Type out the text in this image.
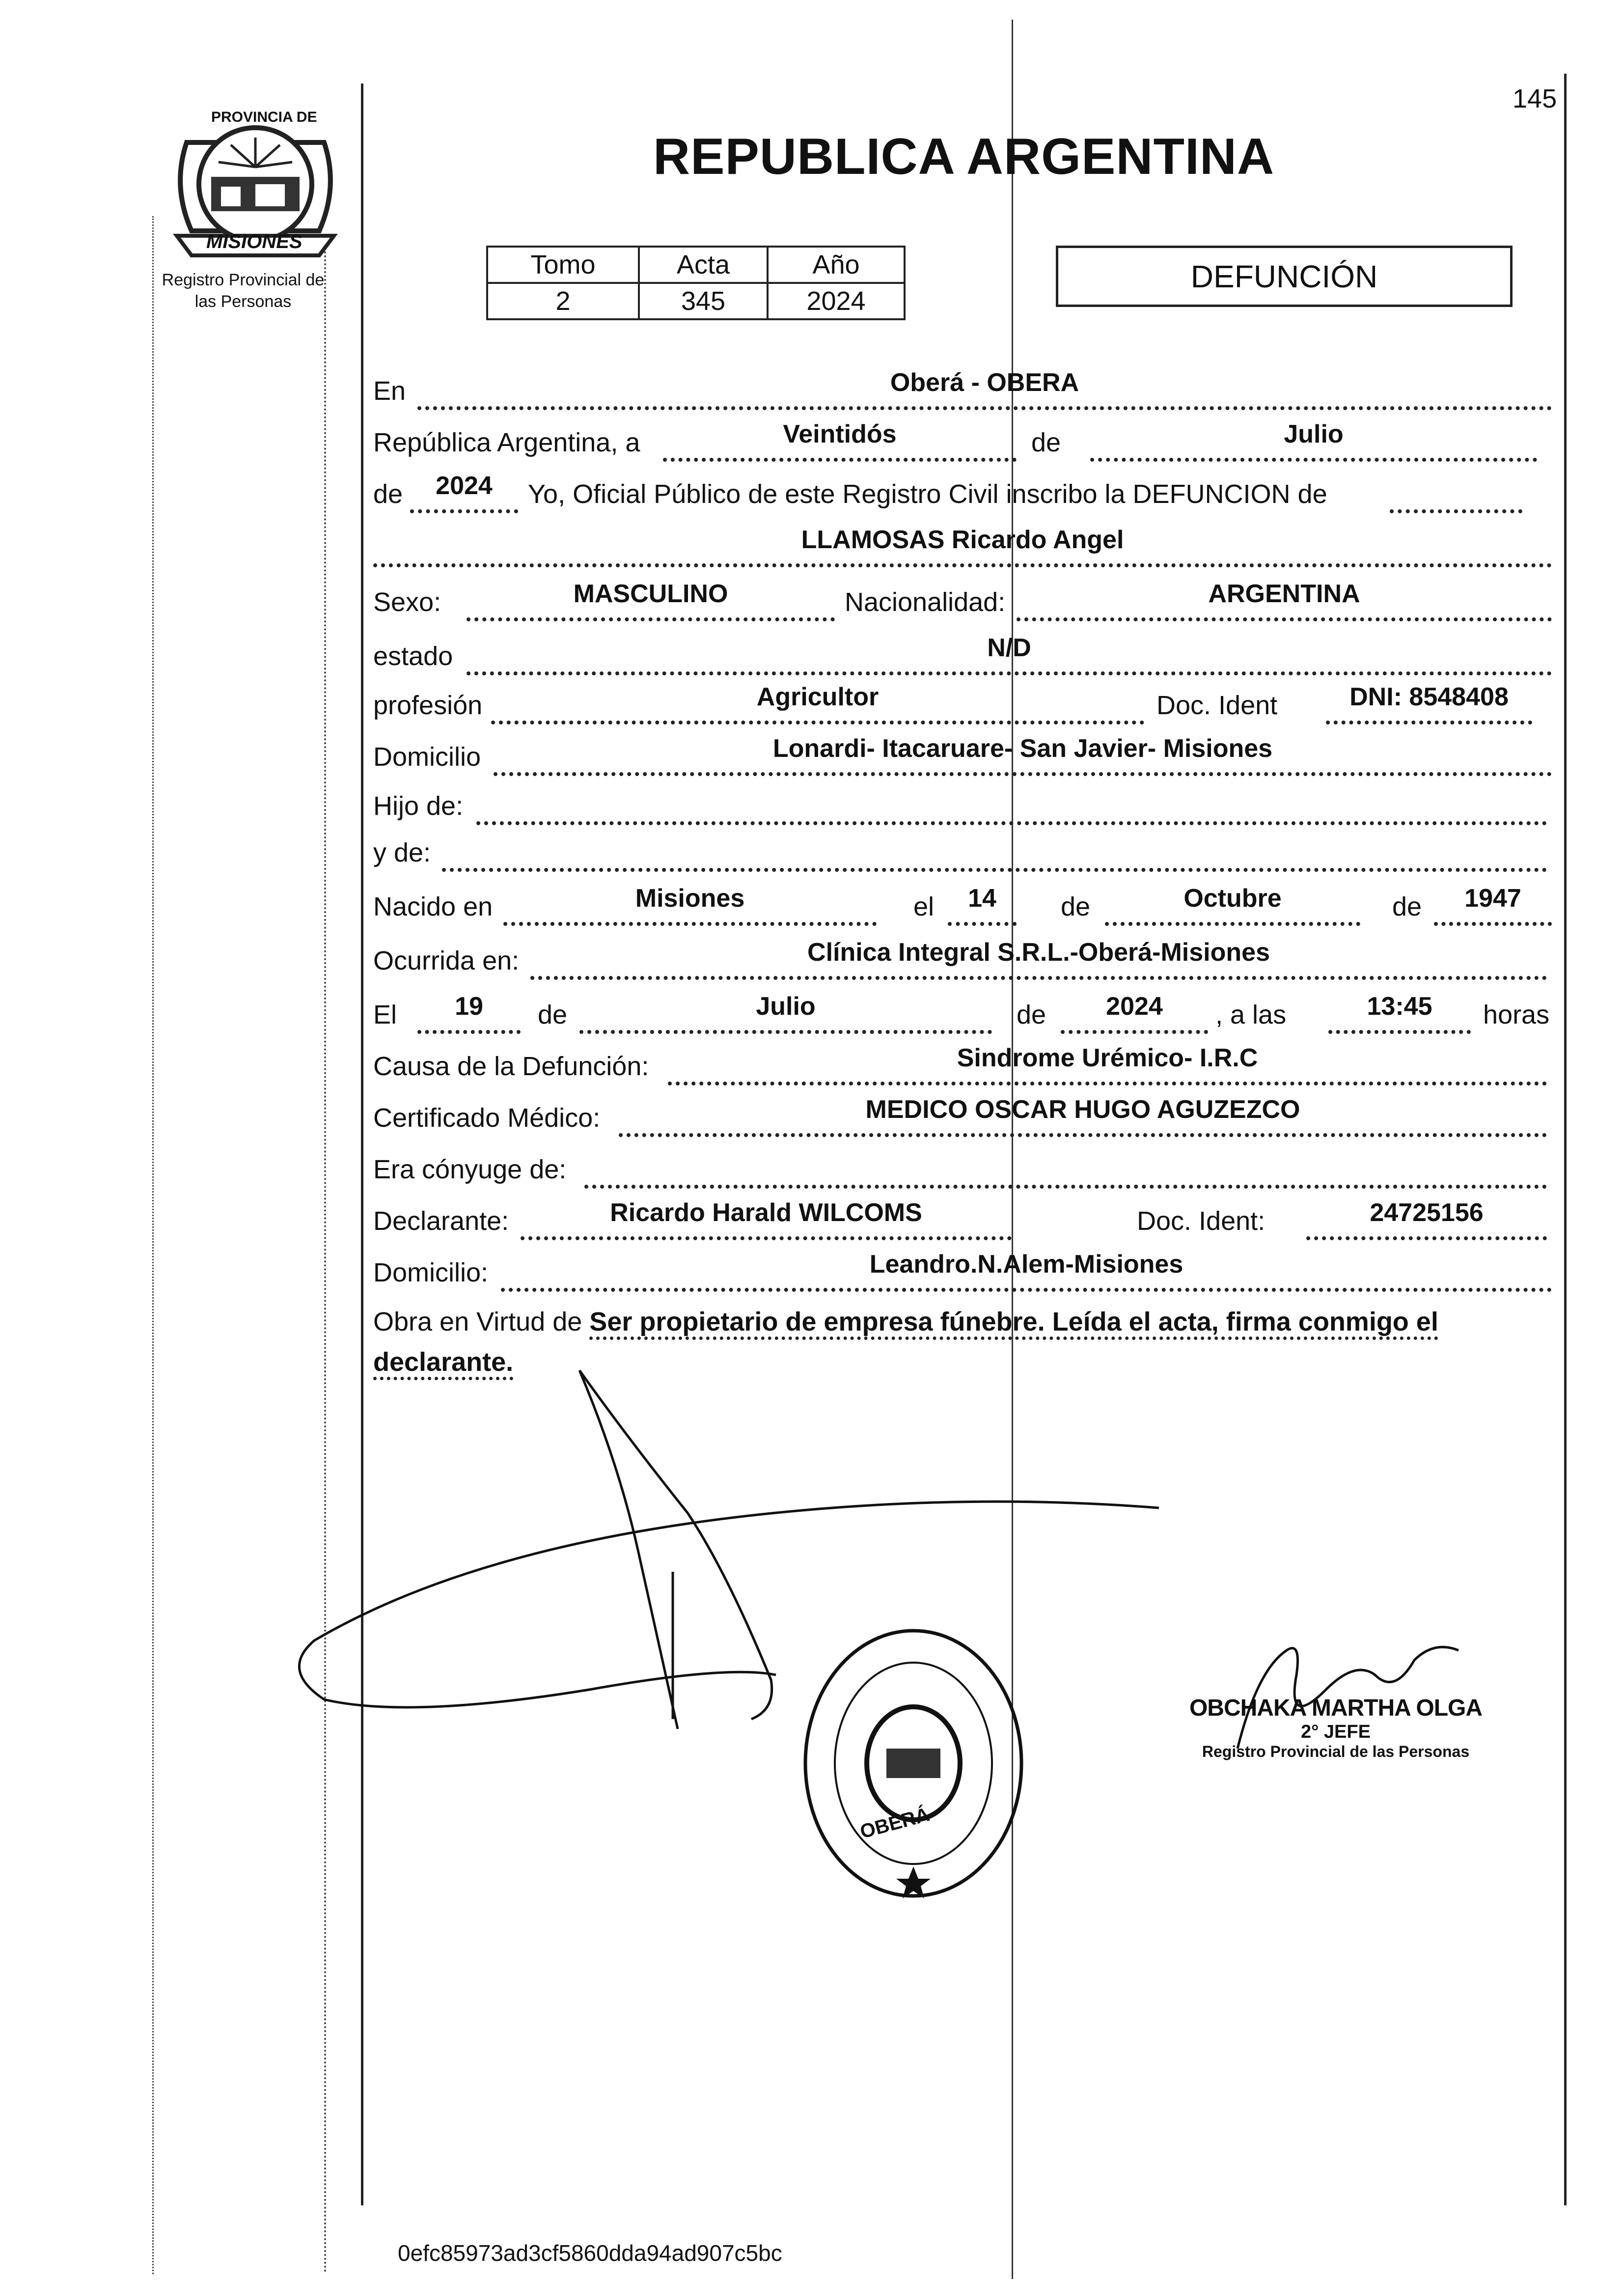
PROVINCIA DE
MISIONES
Registro Provincial de
las Personas
145
REPUBLICA ARGENTINA
Tomo	Acta	Año
2	345	2024
DEFUNCIÓN
En	Oberá - OBERA
República Argentina, a	Veintidós	de	Julio
de	2024	Yo, Oficial Público de este Registro Civil inscribo la DEFUNCION de
LLAMOSAS Ricardo Angel
Sexo:	MASCULINO	Nacionalidad:	ARGENTINA
estado	N/D
profesión	Agricultor	Doc. Ident	DNI: 8548408
Domicilio	Lonardi- Itacaruare- San Javier- Misiones
Hijo de:
y de:
Nacido en	Misiones	el	14	de	Octubre	de	1947
Ocurrida en:	Clínica Integral S.R.L.-Oberá-Misiones
El	19	de	Julio	de	2024	, a las	13:45	horas
Causa de la Defunción:	Sindrome Urémico- I.R.C
Certificado Médico:	MEDICO OSCAR HUGO AGUZEZCO
Era cónyuge de:
Declarante:	Ricardo Harald WILCOMS	Doc. Ident:	24725156
Domicilio:	Leandro.N.Alem-Misiones
Obra en Virtud de Ser propietario de empresa fúnebre. Leída el acta, firma conmigo el declarante.
OBERÁ
OBCHAKA MARTHA OLGA
2° JEFE
Registro Provincial de las Personas
0efc85973ad3cf5860dda94ad907c5bc
